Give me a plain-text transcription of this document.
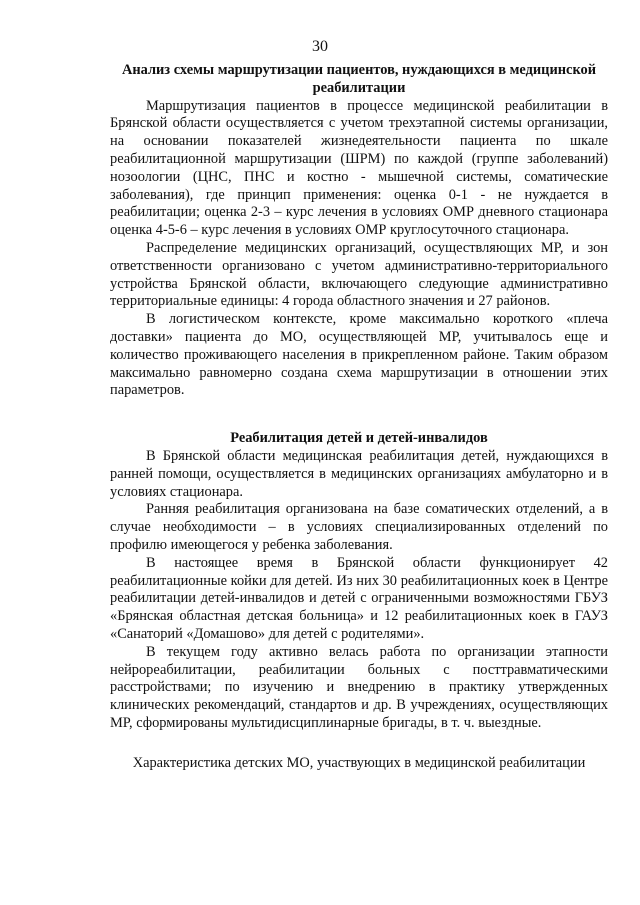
30

Анализ схемы маршрутизации пациентов, нуждающихся в медицинской реабилитации

Маршрутизация пациентов в процессе медицинской реабилитации в Брянской области осуществляется с учетом трехэтапной системы организации, на основании показателей жизнедеятельности пациента по шкале реабилитационной маршрутизации (ШРМ) по каждой (группе заболеваний) нозоологии (ЦНС, ПНС и костно - мышечной системы, соматические заболевания), где принцип применения: оценка 0-1 - не нуждается в реабилитации; оценка 2-3 – курс лечения в условиях ОМР дневного стационара оценка 4-5-6 – курс лечения в условиях ОМР круглосуточного стационара.

Распределение медицинских организаций, осуществляющих МР, и зон ответственности организовано с учетом административно-территориального устройства Брянской области, включающего следующие административно территориальные единицы: 4 города областного значения и 27 районов.

В логистическом контексте, кроме максимально короткого «плеча доставки» пациента до МО, осуществляющей МР, учитывалось еще и количество проживающего населения в прикрепленном районе. Таким образом максимально равномерно создана схема маршрутизации в отношении этих параметров.

Реабилитация детей и детей-инвалидов

В Брянской области медицинская реабилитация детей, нуждающихся в ранней помощи, осуществляется в медицинских организациях амбулаторно и в условиях стационара.

Ранняя реабилитация организована на базе соматических отделений, а в случае необходимости – в условиях специализированных отделений по профилю имеющегося у ребенка заболевания.

В настоящее время в Брянской области функционирует 42 реабилитационные койки для детей. Из них 30 реабилитационных коек в Центре реабилитации детей-инвалидов и детей с ограниченными возможностями ГБУЗ «Брянская областная детская больница» и 12 реабилитационных коек в ГАУЗ «Санаторий «Домашово» для детей с родителями».

В текущем году активно велась работа по организации этапности нейрореабилитации, реабилитации больных с посттравматическими расстройствами; по изучению и внедрению в практику утвержденных клинических рекомендаций, стандартов и др. В учреждениях, осуществляющих МР, сформированы мультидисциплинарные бригады, в т. ч. выездные.

Характеристика детских МО, участвующих в медицинской реабилитации
